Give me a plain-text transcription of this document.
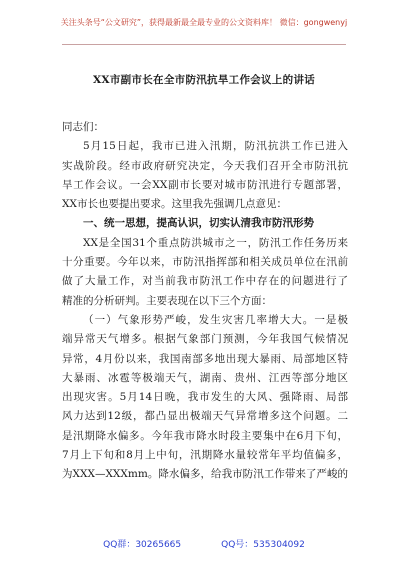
关注头条号“公文研究”，获得最新最全最专业的公文资料库！ 微信：gongwenyj
XX市副市长在全市防汛抗旱工作会议上的讲话
同志们：
5月15日起，我市已进入汛期，防汛抗洪工作已进入
实战阶段。经市政府研究决定，今天我们召开全市防汛抗
旱工作会议。一会XX副市长要对城市防汛进行专题部署，
XX市长也要提出要求。这里我先强调几点意见：
一、统一思想，提高认识，切实认清我市防汛形势
XX是全国31个重点防洪城市之一，防汛工作任务历来
十分重要。今年以来，市防汛指挥部和相关成员单位在汛前
做了大量工作，对当前我市防汛工作中存在的问题进行了
精准的分析研判。主要表现在以下三个方面：
（一）气象形势严峻，发生灾害几率增大大。一是极
端异常天气增多。根据气象部门预测，今年我国气候情况
异常，4月份以来，我国南部多地出现大暴雨、局部地区特
大暴雨、冰雹等极端天气，湖南、贵州、江西等部分地区
出现灾害。5月14日晚，我市发生的大风、强降雨、局部
风力达到12级，都凸显出极端天气异常增多这个问题。二
是汛期降水偏多。今年我市降水时段主要集中在6月下旬，
7月上下旬和8月上中旬，汛期降水量较常年平均值偏多，
为XXX—XXXmm。降水偏多，给我市防汛工作带来了严峻的
QQ群：30265665	QQ号：535304092
